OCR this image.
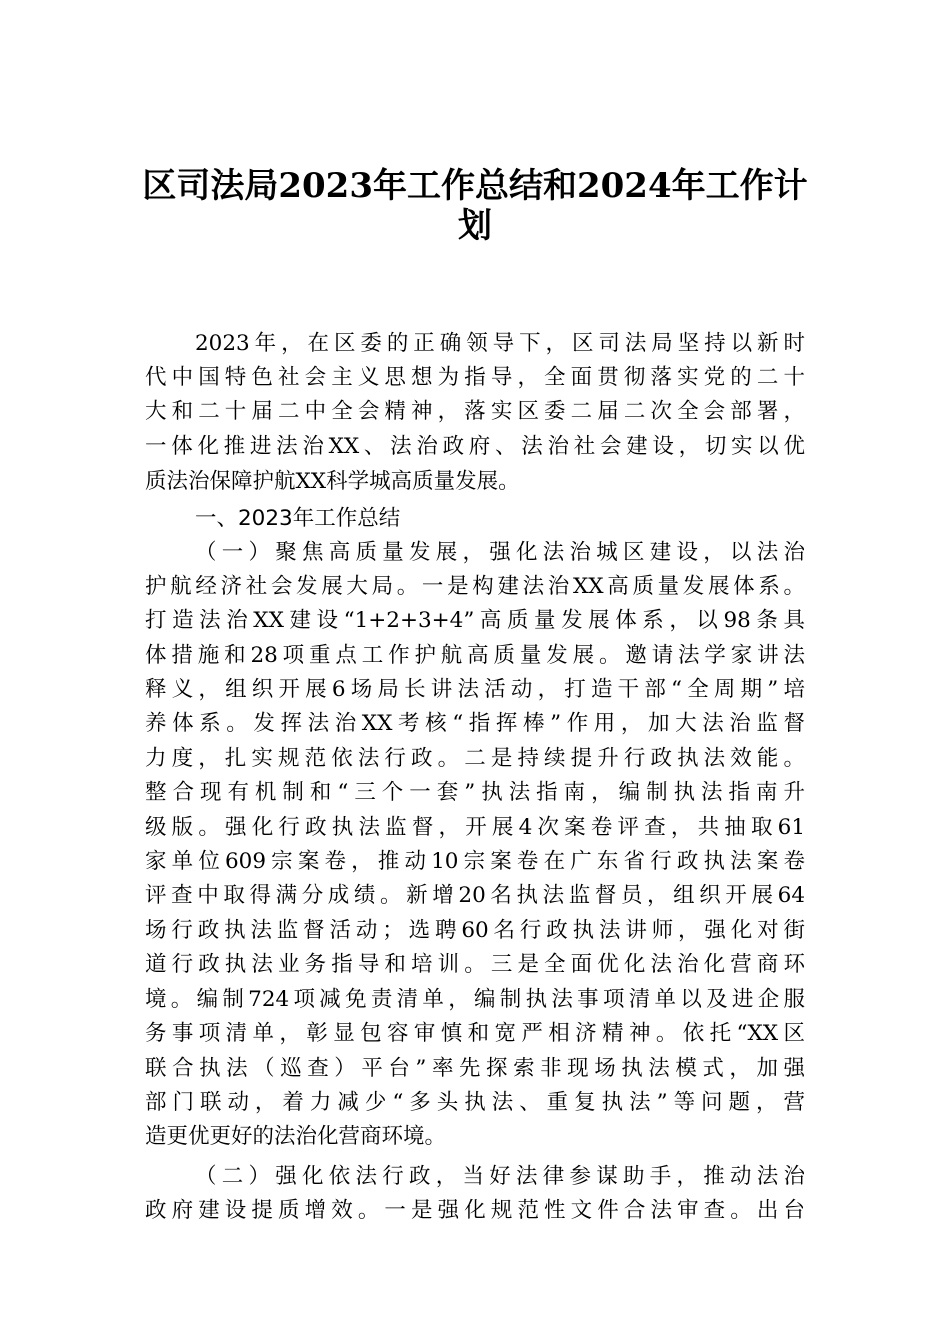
区司法局2023年工作总结和2024年工作计
划
2023年，在区委的正确领导下，区司法局坚持以新时
代中国特色社会主义思想为指导，全面贯彻落实党的二十
大和二十届二中全会精神，落实区委二届二次全会部署，
一体化推进法治XX、法治政府、法治社会建设，切实以优
质法治保障护航XX科学城高质量发展。
一、2023年工作总结
（一）聚焦高质量发展，强化法治城区建设，以法治
护航经济社会发展大局。一是构建法治XX高质量发展体系。
打造法治XX建设“1+2+3+4”高质量发展体系，以98条具
体措施和28项重点工作护航高质量发展。邀请法学家讲法
释义，组织开展6场局长讲法活动，打造干部“全周期”培
养体系。发挥法治XX考核“指挥棒”作用，加大法治监督
力度，扎实规范依法行政。二是持续提升行政执法效能。
整合现有机制和“三个一套”执法指南，编制执法指南升
级版。强化行政执法监督，开展4次案卷评查，共抽取61
家单位609宗案卷，推动10宗案卷在广东省行政执法案卷
评查中取得满分成绩。新增20名执法监督员，组织开展64
场行政执法监督活动；选聘60名行政执法讲师，强化对街
道行政执法业务指导和培训。三是全面优化法治化营商环
境。编制724项减免责清单，编制执法事项清单以及进企服
务事项清单，彰显包容审慎和宽严相济精神。依托“XX区
联合执法（巡查）平台”率先探索非现场执法模式，加强
部门联动，着力减少“多头执法、重复执法”等问题，营
造更优更好的法治化营商环境。
（二）强化依法行政，当好法律参谋助手，推动法治
政府建设提质增效。一是强化规范性文件合法审查。出台
